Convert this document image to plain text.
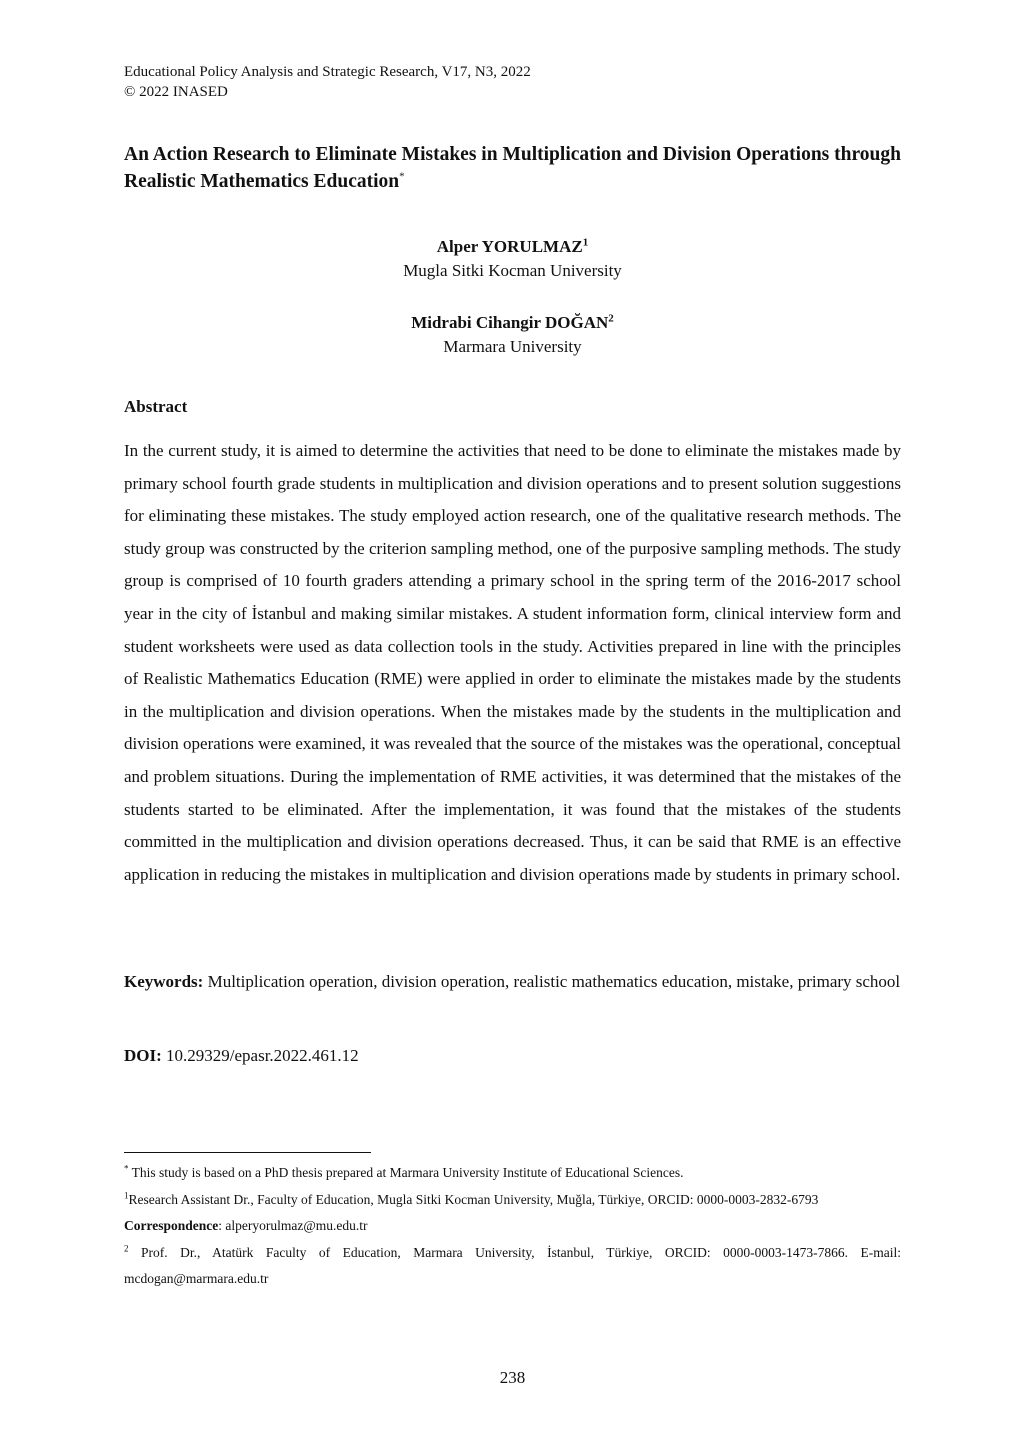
Educational Policy Analysis and Strategic Research, V17, N3, 2022
© 2022 INASED
An Action Research to Eliminate Mistakes in Multiplication and Division Operations through Realistic Mathematics Education*
Alper YORULMAZ$^1$
Mugla Sitki Kocman University
Midrabi Cihangir DOĞAN$^2$
Marmara University
Abstract

In the current study, it is aimed to determine the activities that need to be done to eliminate the mistakes made by primary school fourth grade students in multiplication and division operations and to present solution suggestions for eliminating these mistakes. The study employed action research, one of the qualitative research methods. The study group was constructed by the criterion sampling method, one of the purposive sampling methods. The study group is comprised of 10 fourth graders attending a primary school in the spring term of the 2016-2017 school year in the city of İstanbul and making similar mistakes. A student information form, clinical interview form and student worksheets were used as data collection tools in the study. Activities prepared in line with the principles of Realistic Mathematics Education (RME) were applied in order to eliminate the mistakes made by the students in the multiplication and division operations. When the mistakes made by the students in the multiplication and division operations were examined, it was revealed that the source of the mistakes was the operational, conceptual and problem situations. During the implementation of RME activities, it was determined that the mistakes of the students started to be eliminated. After the implementation, it was found that the mistakes of the students committed in the multiplication and division operations decreased. Thus, it can be said that RME is an effective application in reducing the mistakes in multiplication and division operations made by students in primary school.

Keywords: Multiplication operation, division operation, realistic mathematics education, mistake, primary school

DOI: 10.29329/epasr.2022.461.12

* This study is based on a PhD thesis prepared at Marmara University Institute of Educational Sciences.

$^1$Research Assistant Dr., Faculty of Education, Mugla Sitki Kocman University, Muğla, Türkiye, ORCID: 0000-0003-2832-6793

Correspondence: alperyorulmaz@mu.edu.tr

$^2$ Prof. Dr., Atatürk Faculty of Education, Marmara University, İstanbul, Türkiye, ORCID: 0000-0003-1473-7866. E-mail: mcdogan@marmara.edu.tr

238
